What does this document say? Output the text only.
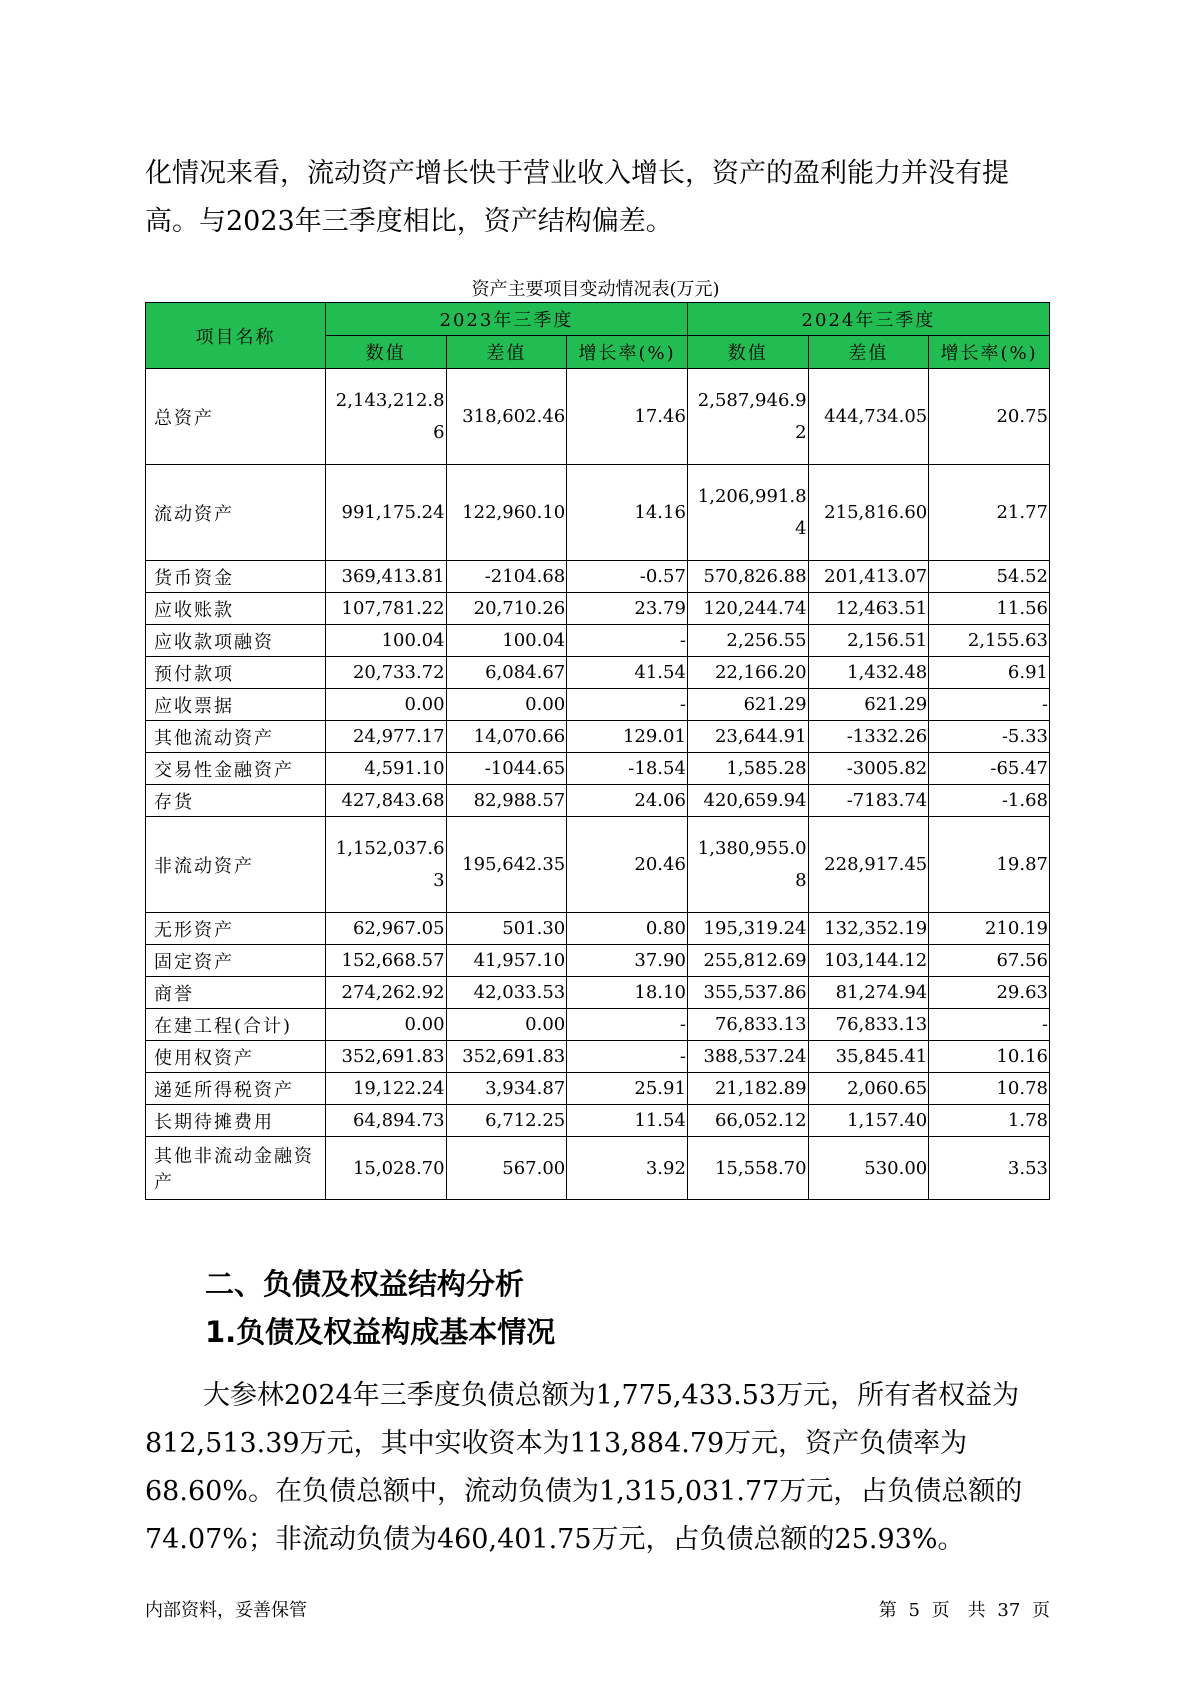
化情况来看，流动资产增长快于营业收入增长，资产的盈利能力并没有提高。与2023年三季度相比，资产结构偏差。

资产主要项目变动情况表(万元)
项目名称	2023年三季度			2024年三季度		
	数值	差值	增长率(%)	数值	差值	增长率(%)
总资产	2,143,212.86	318,602.46	17.46	2,587,946.92	444,734.05	20.75
流动资产	991,175.24	122,960.10	14.16	1,206,991.84	215,816.60	21.77
货币资金	369,413.81	-2104.68	-0.57	570,826.88	201,413.07	54.52
应收账款	107,781.22	20,710.26	23.79	120,244.74	12,463.51	11.56
应收款项融资	100.04	100.04	-	2,256.55	2,156.51	2,155.63
预付款项	20,733.72	6,084.67	41.54	22,166.20	1,432.48	6.91
应收票据	0.00	0.00	-	621.29	621.29	-
其他流动资产	24,977.17	14,070.66	129.01	23,644.91	-1332.26	-5.33
交易性金融资产	4,591.10	-1044.65	-18.54	1,585.28	-3005.82	-65.47
存货	427,843.68	82,988.57	24.06	420,659.94	-7183.74	-1.68
非流动资产	1,152,037.63	195,642.35	20.46	1,380,955.08	228,917.45	19.87
无形资产	62,967.05	501.30	0.80	195,319.24	132,352.19	210.19
固定资产	152,668.57	41,957.10	37.90	255,812.69	103,144.12	67.56
商誉	274,262.92	42,033.53	18.10	355,537.86	81,274.94	29.63
在建工程(合计)	0.00	0.00	-	76,833.13	76,833.13	-
使用权资产	352,691.83	352,691.83	-	388,537.24	35,845.41	10.16
递延所得税资产	19,122.24	3,934.87	25.91	21,182.89	2,060.65	10.78
长期待摊费用	64,894.73	6,712.25	11.54	66,052.12	1,157.40	1.78
其他非流动金融资产	15,028.70	567.00	3.92	15,558.70	530.00	3.53
二、负债及权益结构分析
1.负债及权益构成基本情况

大参林2024年三季度负债总额为1,775,433.53万元，所有者权益为812,513.39万元，其中实收资本为113,884.79万元，资产负债率为68.60%。在负债总额中，流动负债为1,315,031.77万元，占负债总额的74.07%；非流动负债为460,401.75万元，占负债总额的25.93%。

内部资料，妥善保管	第 5 页　共 37 页
